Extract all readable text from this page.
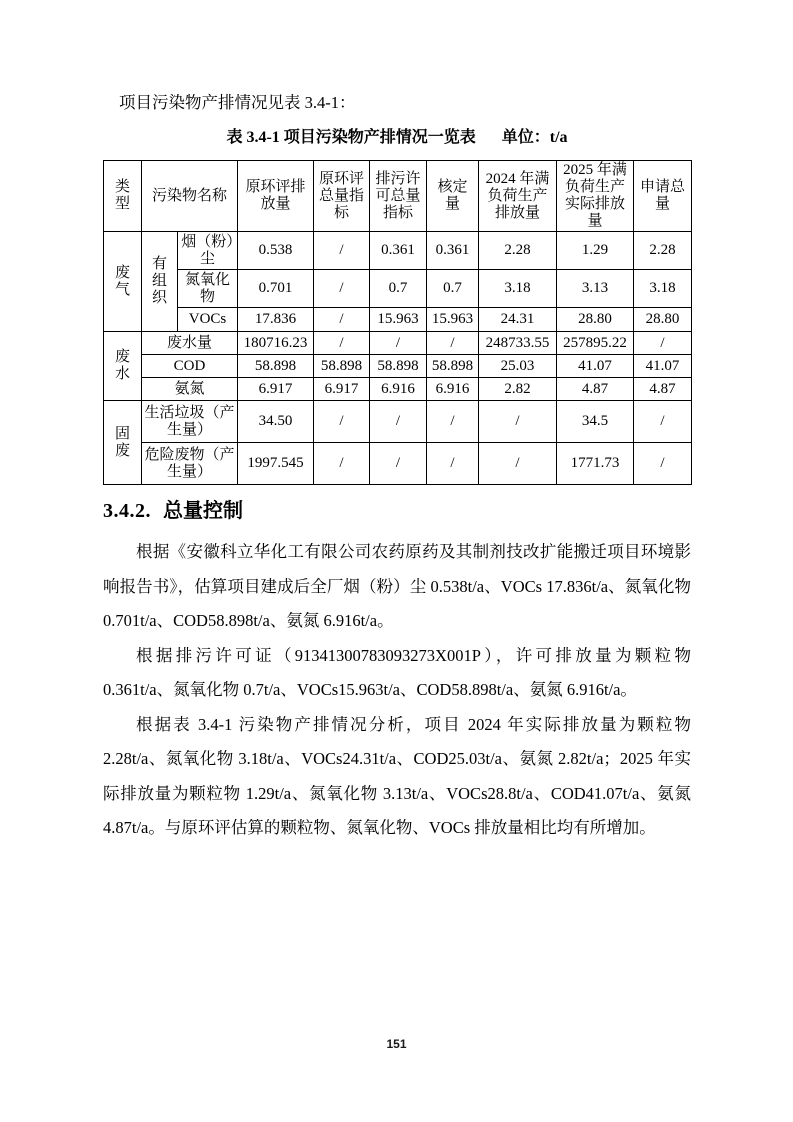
项目污染物产排情况见表 3.4-1：

表 3.4-1 项目污染物产排情况一览表 单位：t/a
类型	污染物名称		原环评排放量	原环评总量指标	排污许可总量指标	核定量	2024 年满负荷生产排放量	2025 年满负荷生产实际排放量	申请总量
废气	有组织	烟（粉）尘	0.538	/	0.361	0.361	2.28	1.29	2.28
		氮氧化物	0.701	/	0.7	0.7	3.18	3.13	3.18
		VOCs	17.836	/	15.963	15.963	24.31	28.80	28.80
废水	废水量		180716.23	/	/	/	248733.55	257895.22	/
	COD		58.898	58.898	58.898	58.898	25.03	41.07	41.07
	氨氮		6.917	6.917	6.916	6.916	2.82	4.87	4.87
固废	生活垃圾（产生量）		34.50	/	/	/	/	34.5	/
	危险废物（产生量）		1997.545	/	/	/	/	1771.73	/
3.4.2. 总量控制

根据《安徽科立华化工有限公司农药原药及其制剂技改扩能搬迁项目环境影响报告书》，估算项目建成后全厂烟（粉）尘 0.538t/a、VOCs 17.836t/a、氮氧化物 0.701t/a、COD58.898t/a、氨氮 6.916t/a。

根据排污许可证（91341300783093273X001P），许可排放量为颗粒物 0.361t/a、氮氧化物 0.7t/a、VOCs15.963t/a、COD58.898t/a、氨氮 6.916t/a。

根据表 3.4-1 污染物产排情况分析，项目 2024 年实际排放量为颗粒物 2.28t/a、氮氧化物 3.18t/a、VOCs24.31t/a、COD25.03t/a、氨氮 2.82t/a；2025 年实际排放量为颗粒物 1.29t/a、氮氧化物 3.13t/a、VOCs28.8t/a、COD41.07t/a、氨氮 4.87t/a。与原环评估算的颗粒物、氮氧化物、VOCs 排放量相比均有所增加。

151
